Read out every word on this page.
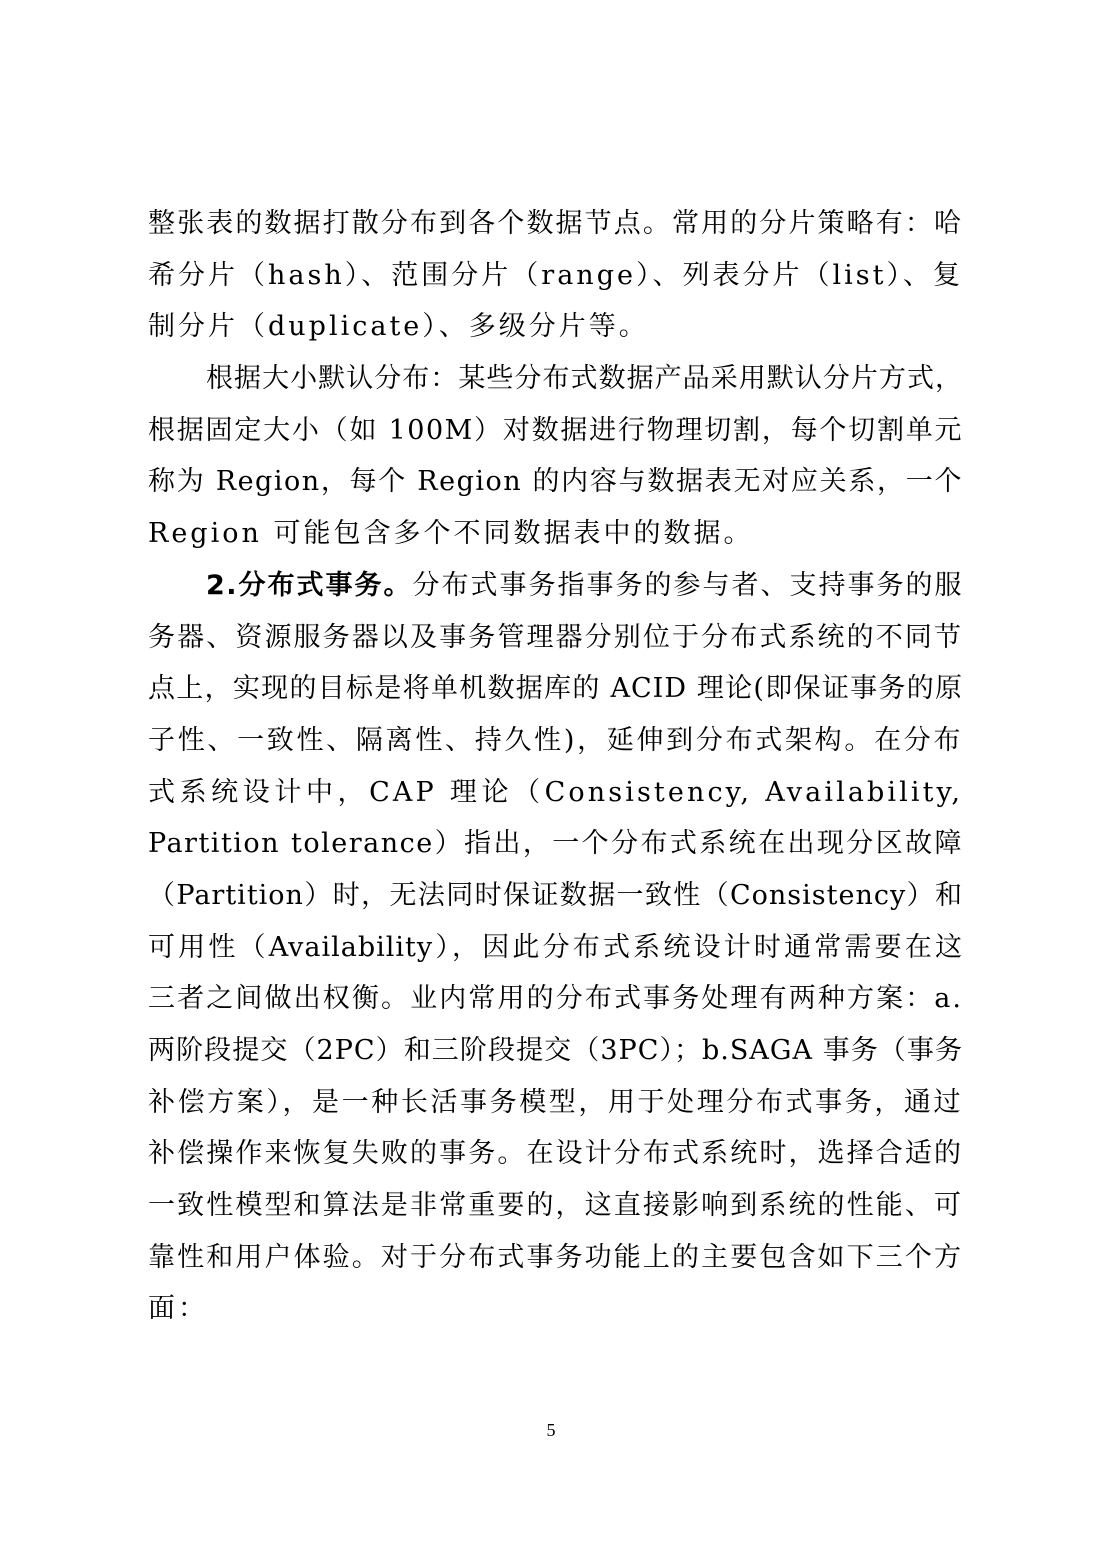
整张表的数据打散分布到各个数据节点。常用的分片策略有：哈
希分片（hash）、范围分片（range）、列表分片（list）、复
制分片（duplicate）、多级分片等。
根据大小默认分布：某些分布式数据产品采用默认分片方式，
根据固定大小（如 100M）对数据进行物理切割，每个切割单元
称为 Region，每个 Region 的内容与数据表无对应关系，一个
Region 可能包含多个不同数据表中的数据。
2.分布式事务。分布式事务指事务的参与者、支持事务的服
务器、资源服务器以及事务管理器分别位于分布式系统的不同节
点上，实现的目标是将单机数据库的 ACID 理论(即保证事务的原
子性、一致性、隔离性、持久性)，延伸到分布式架构。在分布
式系统设计中，CAP 理论（Consistency, Availability,
Partition tolerance）指出，一个分布式系统在出现分区故障
（Partition）时，无法同时保证数据一致性（Consistency）和
可用性（Availability），因此分布式系统设计时通常需要在这
三者之间做出权衡。业内常用的分布式事务处理有两种方案：a.
两阶段提交（2PC）和三阶段提交（3PC）；b.SAGA 事务（事务
补偿方案），是一种长活事务模型，用于处理分布式事务，通过
补偿操作来恢复失败的事务。在设计分布式系统时，选择合适的
一致性模型和算法是非常重要的，这直接影响到系统的性能、可
靠性和用户体验。对于分布式事务功能上的主要包含如下三个方
面：
5
